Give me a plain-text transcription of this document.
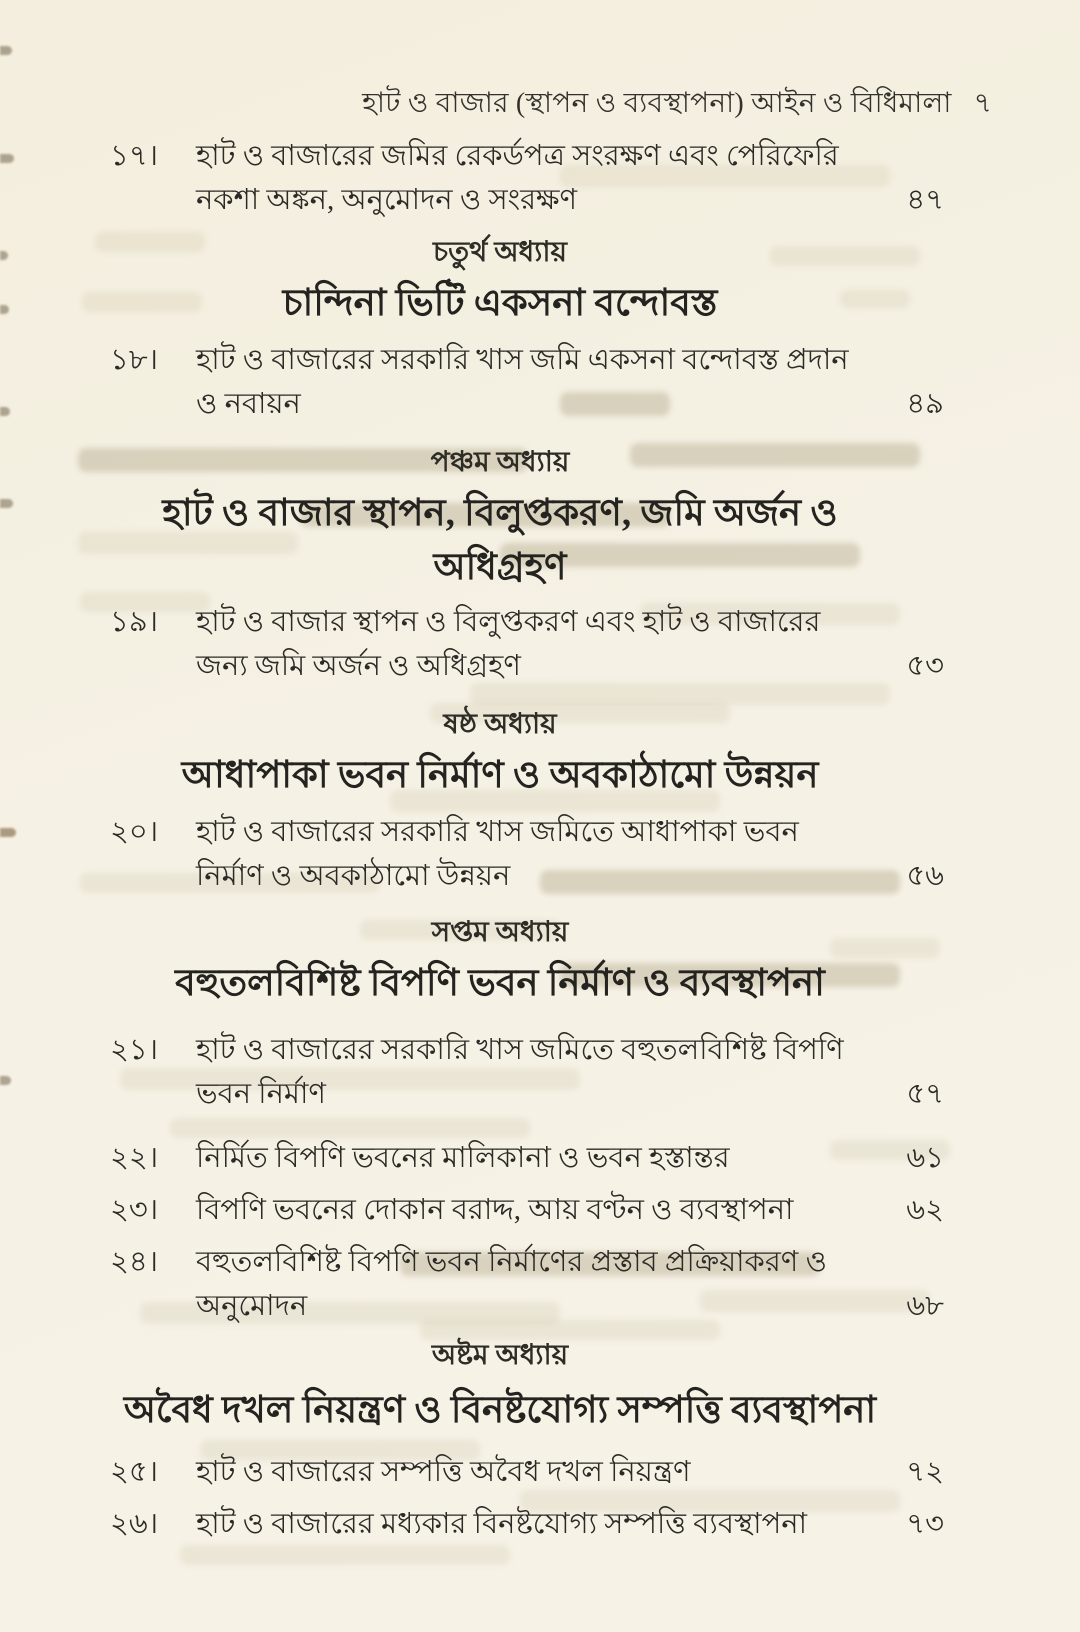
হাট ও বাজার (স্থাপন ও ব্যবস্থাপনা) আইন ও বিধিমালা ৭
১৭।	হাট ও বাজারের জমির রেকর্ডপত্র সংরক্ষণ এবং পেরিফেরি
নকশা অঙ্কন, অনুমোদন ও সংরক্ষণ	৪৭
চতুর্থ অধ্যায়
চান্দিনা ভিটি একসনা বন্দোবস্ত
১৮।	হাট ও বাজারের সরকারি খাস জমি একসনা বন্দোবস্ত প্রদান
ও নবায়ন	৪৯
পঞ্চম অধ্যায়
হাট ও বাজার স্থাপন, বিলুপ্তকরণ, জমি অর্জন ও
অধিগ্রহণ
১৯।	হাট ও বাজার স্থাপন ও বিলুপ্তকরণ এবং হাট ও বাজারের
জন্য জমি অর্জন ও অধিগ্রহণ	৫৩
ষষ্ঠ অধ্যায়
আধাপাকা ভবন নির্মাণ ও অবকাঠামো উন্নয়ন
২০।	হাট ও বাজারের সরকারি খাস জমিতে আধাপাকা ভবন
নির্মাণ ও অবকাঠামো উন্নয়ন	৫৬
সপ্তম অধ্যায়
বহুতলবিশিষ্ট বিপণি ভবন নির্মাণ ও ব্যবস্থাপনা
২১।	হাট ও বাজারের সরকারি খাস জমিতে বহুতলবিশিষ্ট বিপণি
ভবন নির্মাণ	৫৭
২২।	নির্মিত বিপণি ভবনের মালিকানা ও ভবন হস্তান্তর	৬১
২৩।	বিপণি ভবনের দোকান বরাদ্দ, আয় বণ্টন ও ব্যবস্থাপনা	৬২
২৪।	বহুতলবিশিষ্ট বিপণি ভবন নির্মাণের প্রস্তাব প্রক্রিয়াকরণ ও
অনুমোদন	৬৮
অষ্টম অধ্যায়
অবৈধ দখল নিয়ন্ত্রণ ও বিনষ্টযোগ্য সম্পত্তি ব্যবস্থাপনা
২৫।	হাট ও বাজারের সম্পত্তি অবৈধ দখল নিয়ন্ত্রণ	৭২
২৬।	হাট ও বাজারের মধ্যকার বিনষ্টযোগ্য সম্পত্তি ব্যবস্থাপনা	৭৩
